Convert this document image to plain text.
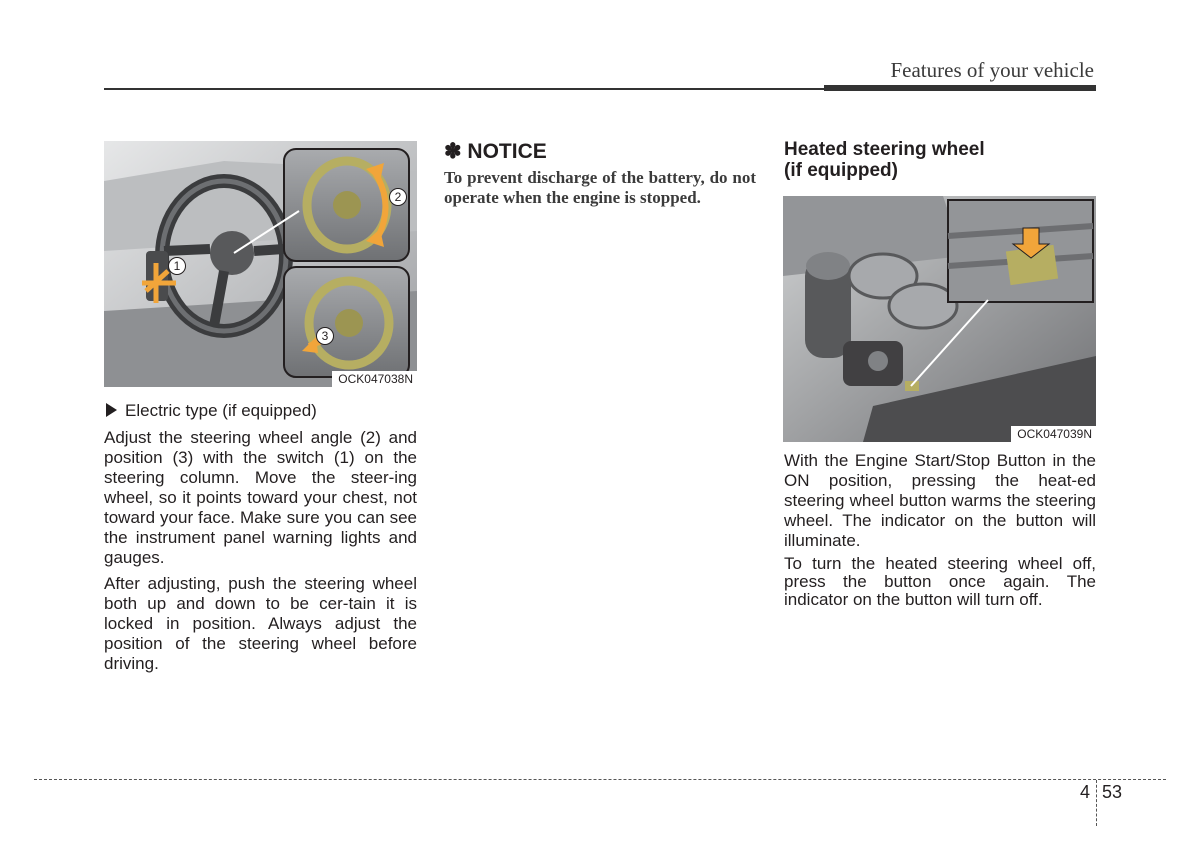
Features of your vehicle
1
2
3
OCK047038N
Electric type (if equipped)

Adjust the steering wheel angle (2) and position (3) with the switch (1) on the steering column. Move the steer-ing wheel, so it points toward your chest, not toward your face. Make sure you can see the instrument panel warning lights and gauges.

After adjusting, push the steering wheel both up and down to be cer-tain it is locked in position. Always adjust the position of the steering wheel before driving.

✽ NOTICE
To prevent discharge of the battery, do not operate when the engine is stopped.
Heated steering wheel
(if equipped)
OCK047039N

With the Engine Start/Stop Button in the ON position, pressing the heat-ed steering wheel button warms the steering wheel. The indicator on the button will illuminate.

To turn the heated steering wheel off, press the button once again. The indicator on the button will turn off.

4 53
